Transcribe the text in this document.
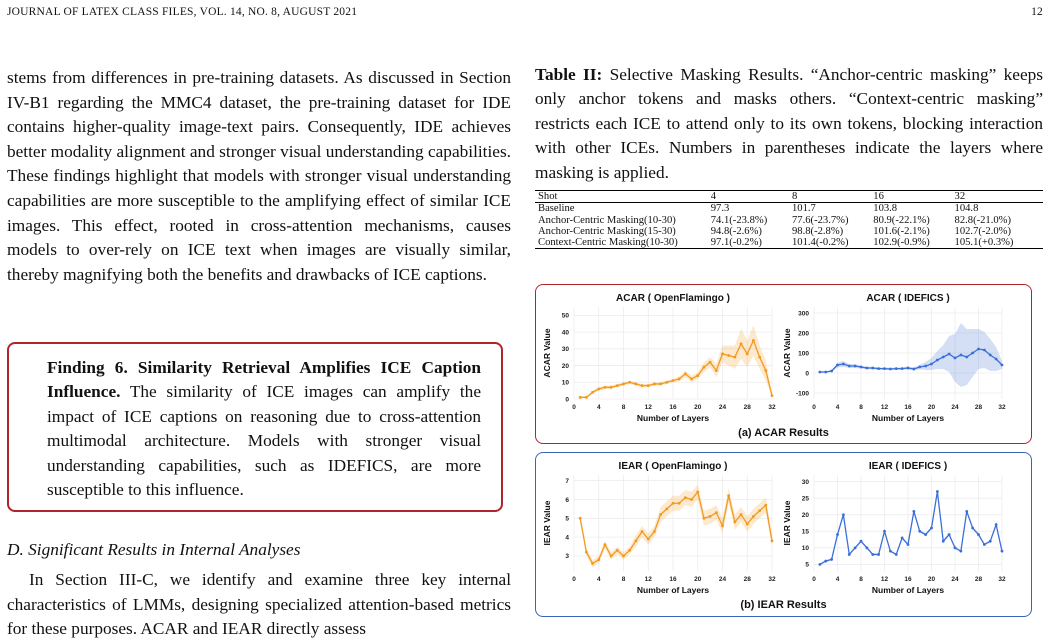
JOURNAL OF LATEX CLASS FILES, VOL. 14, NO. 8, AUGUST 2021	12
stems from differences in pre-training datasets. As discussed in Section IV-B1 regarding the MMC4 dataset, the pre-training dataset for IDE contains higher-quality image-text pairs. Consequently, IDE achieves better modality alignment and stronger visual understanding capabilities. These findings highlight that models with stronger visual understanding capabilities are more susceptible to the amplifying effect of similar ICE images. This effect, rooted in cross-attention mechanisms, causes models to over-rely on ICE text when images are visually similar, thereby magnifying both the benefits and drawbacks of ICE captions.
Finding 6. Similarity Retrieval Amplifies ICE Caption Influence. The similarity of ICE images can amplify the impact of ICE captions on reasoning due to cross-attention multimodal architecture. Models with stronger visual understanding capabilities, such as IDEFICS, are more susceptible to this influence.
D. Significant Results in Internal Analyses
In Section III-C, we identify and examine three key internal characteristics of LMMs, designing specialized attention-based metrics for these purposes. ACAR and IEAR directly assess
Table II: Selective Masking Results. “Anchor-centric masking” keeps only anchor tokens and masks others. “Context-centric masking” restricts each ICE to attend only to its own tokens, blocking interaction with other ICEs. Numbers in parentheses indicate the layers where masking is applied.
Shot	4	8	16	32
Baseline	97.3	101.7	103.8	104.8
Anchor-Centric Masking(10-30)	74.1(-23.8%)	77.6(-23.7%)	80.9(-22.1%)	82.8(-21.0%)
Anchor-Centric Masking(15-30)	94.8(-2.6%)	98.8(-2.8%)	101.6(-2.1%)	102.7(-2.0%)
Context-Centric Masking(10-30)	97.1(-0.2%)	101.4(-0.2%)	102.9(-0.9%)	105.1(+0.3%)
0	4	8	12	16	20	24	28	32
0
10
20
30
40
50
ACAR ( OpenFlamingo )
Number of Layers
ACAR Value
0	4	8	12	16	20	24	28	32
-100
0
100
200
300
ACAR ( IDEFICS )
Number of Layers
ACAR Value
(a) ACAR Results
0	4	8	12	16	20	24	28	32
3
4
5
6
7
IEAR ( OpenFlamingo )
Number of Layers
IEAR Value
0	4	8	12	16	20	24	28	32
5
10
15
20
25
30
IEAR ( IDEFICS )
Number of Layers
IEAR Value
(b) IEAR Results
